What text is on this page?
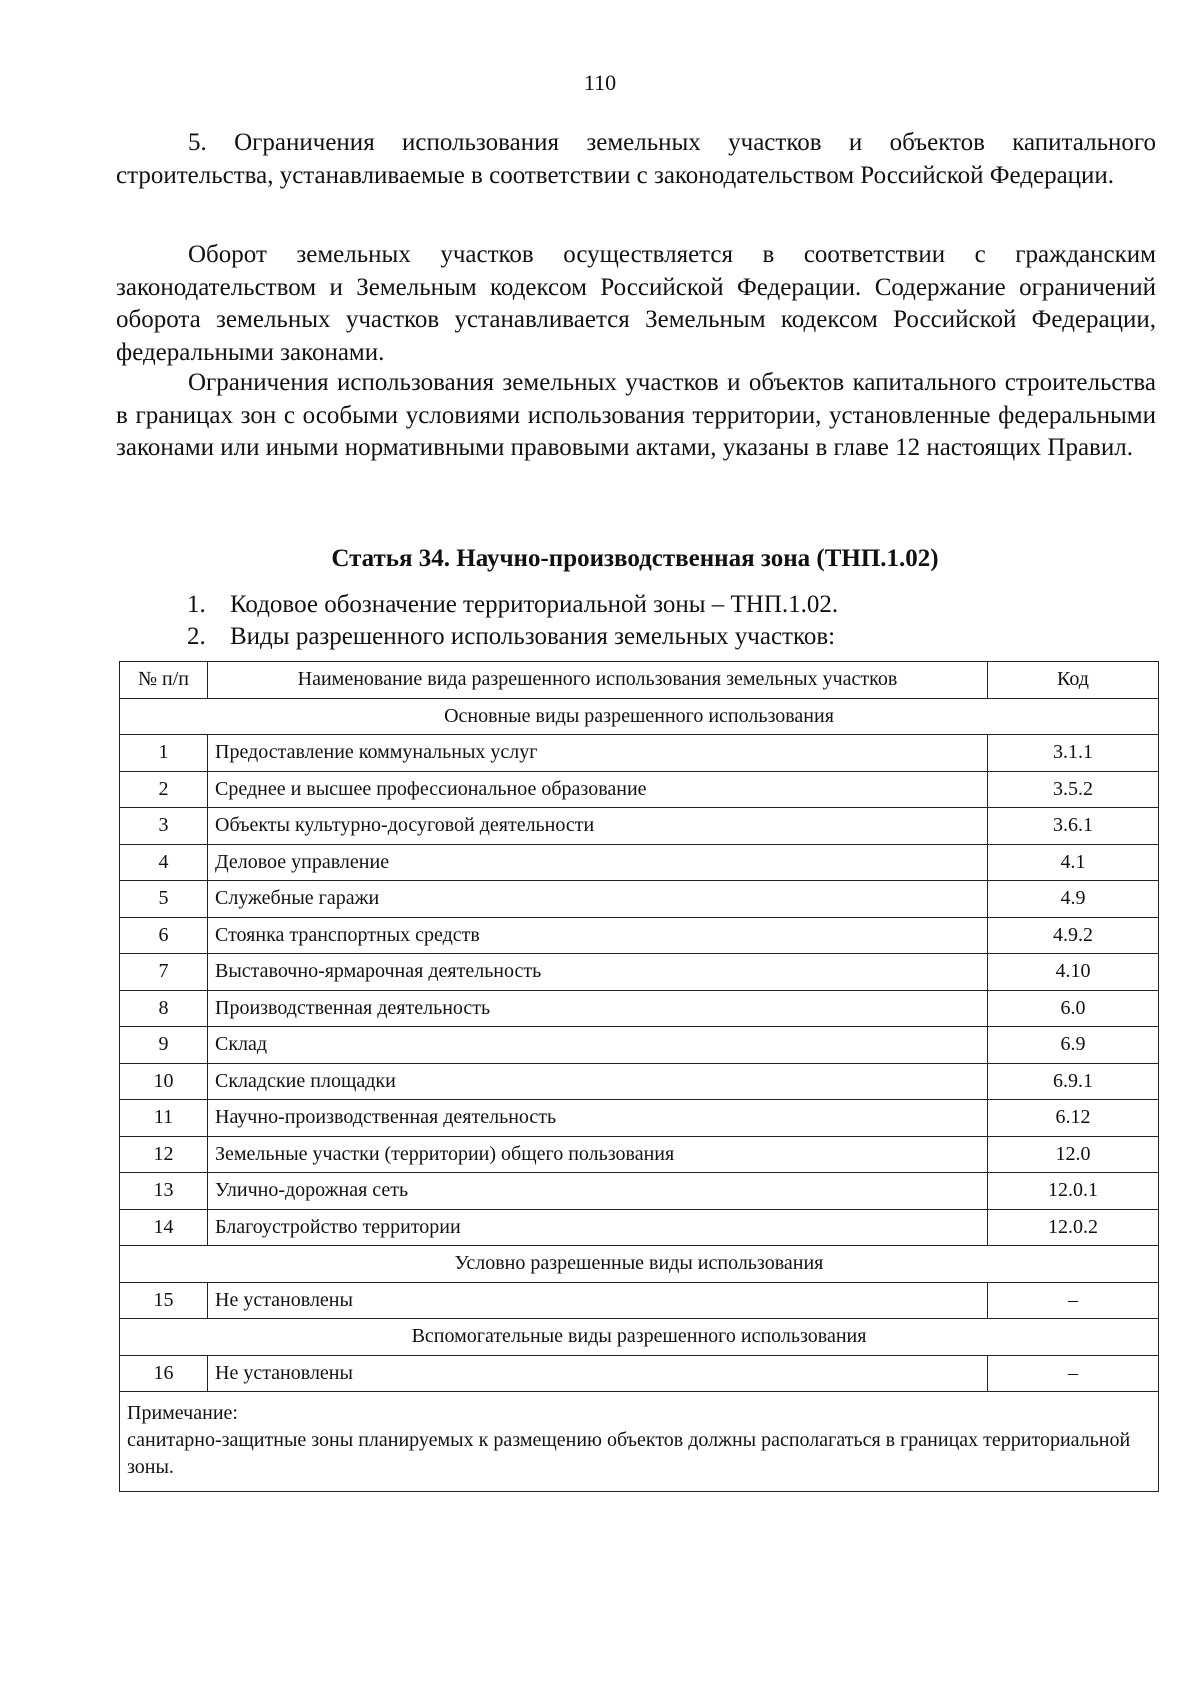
110

5. Ограничения использования земельных участков и объектов капитального строительства, устанавливаемые в соответствии с законодательством Российской Федерации.

Оборот земельных участков осуществляется в соответствии с гражданским законодательством и Земельным кодексом Российской Федерации. Содержание ограничений оборота земельных участков устанавливается Земельным кодексом Российской Федерации, федеральными законами.

Ограничения использования земельных участков и объектов капитального строительства в границах зон с особыми условиями использования территории, установленные федеральными законами или иными нормативными правовыми актами, указаны в главе 12 настоящих Правил.

Статья 34. Научно-производственная зона (ТНП.1.02)
1. Кодовое обозначение территориальной зоны – ТНП.1.02.
2. Виды разрешенного использования земельных участков:
№ п/п	Наименование вида разрешенного использования земельных участков	Код
Основные виды разрешенного использования		
1	Предоставление коммунальных услуг	3.1.1
2	Среднее и высшее профессиональное образование	3.5.2
3	Объекты культурно-досуговой деятельности	3.6.1
4	Деловое управление	4.1
5	Служебные гаражи	4.9
6	Стоянка транспортных средств	4.9.2
7	Выставочно-ярмарочная деятельность	4.10
8	Производственная деятельность	6.0
9	Склад	6.9
10	Складские площадки	6.9.1
11	Научно-производственная деятельность	6.12
12	Земельные участки (территории) общего пользования	12.0
13	Улично-дорожная сеть	12.0.1
14	Благоустройство территории	12.0.2
Условно разрешенные виды использования		
15	Не установлены	–
Вспомогательные виды разрешенного использования		
16	Не установлены	–

Примечание:
санитарно-защитные зоны планируемых к размещению объектов должны располагаться в границах территориальной зоны.		
